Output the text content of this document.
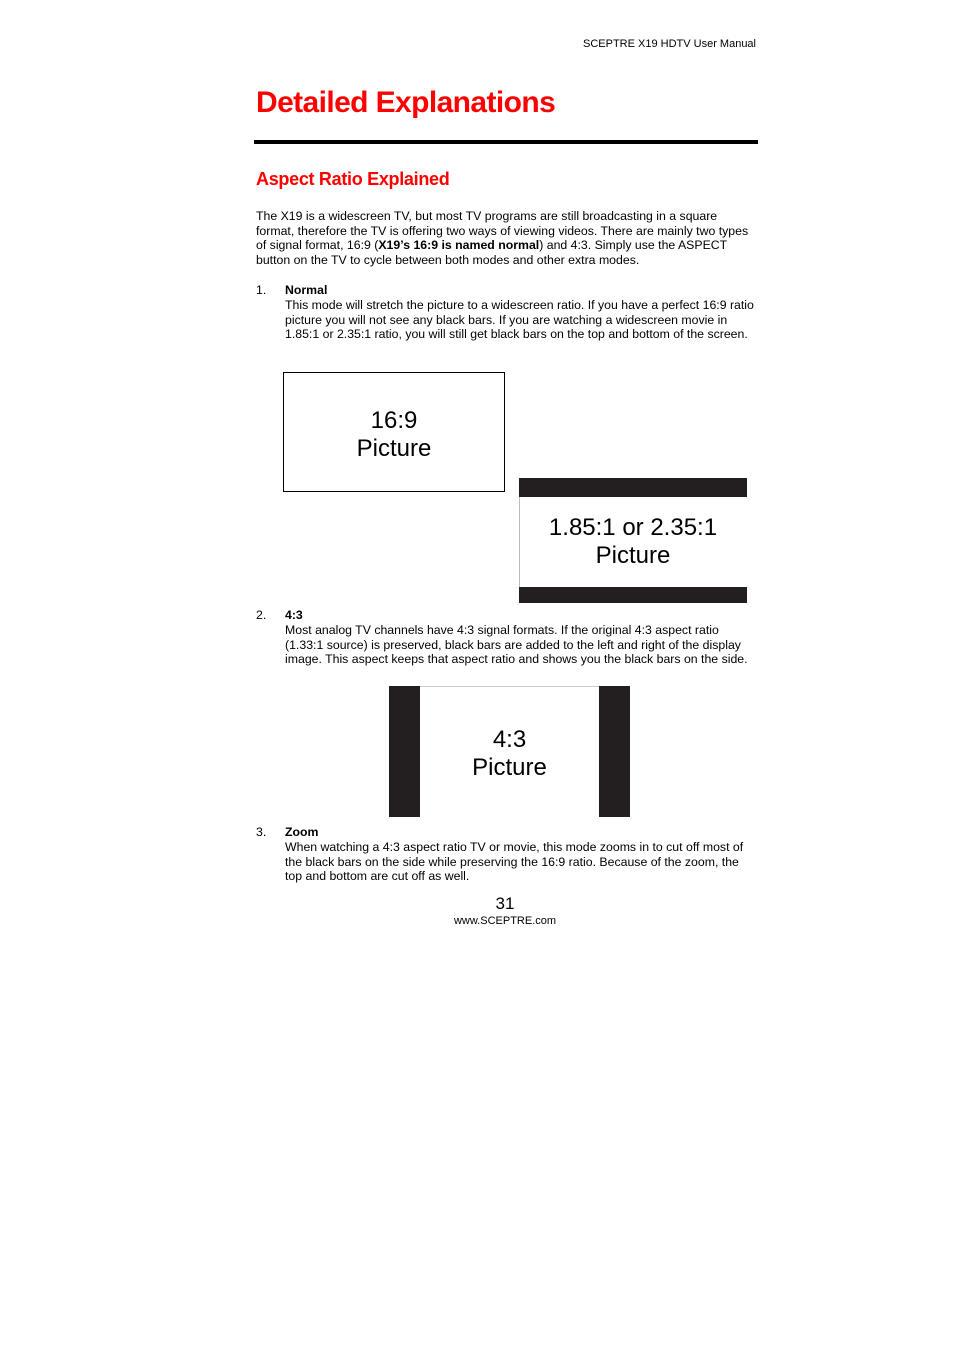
SCEPTRE X19 HDTV User Manual
Detailed Explanations
Aspect Ratio Explained
The X19 is a widescreen TV, but most TV programs are still broadcasting in a square format, therefore the TV is offering two ways of viewing videos. There are mainly two types of signal format, 16:9 (X19’s 16:9 is named normal) and 4:3. Simply use the ASPECT button on the TV to cycle between both modes and other extra modes.
1. Normal
This mode will stretch the picture to a widescreen ratio. If you have a perfect 16:9 ratio picture you will not see any black bars. If you are watching a widescreen movie in 1.85:1 or 2.35:1 ratio, you will still get black bars on the top and bottom of the screen.
16:9
Picture
1.85:1 or 2.35:1
Picture
2. 4:3
Most analog TV channels have 4:3 signal formats. If the original 4:3 aspect ratio (1.33:1 source) is preserved, black bars are added to the left and right of the display image. This aspect keeps that aspect ratio and shows you the black bars on the side.
4:3
Picture
3. Zoom
When watching a 4:3 aspect ratio TV or movie, this mode zooms in to cut off most of the black bars on the side while preserving the 16:9 ratio. Because of the zoom, the top and bottom are cut off as well.
31
www.SCEPTRE.com
